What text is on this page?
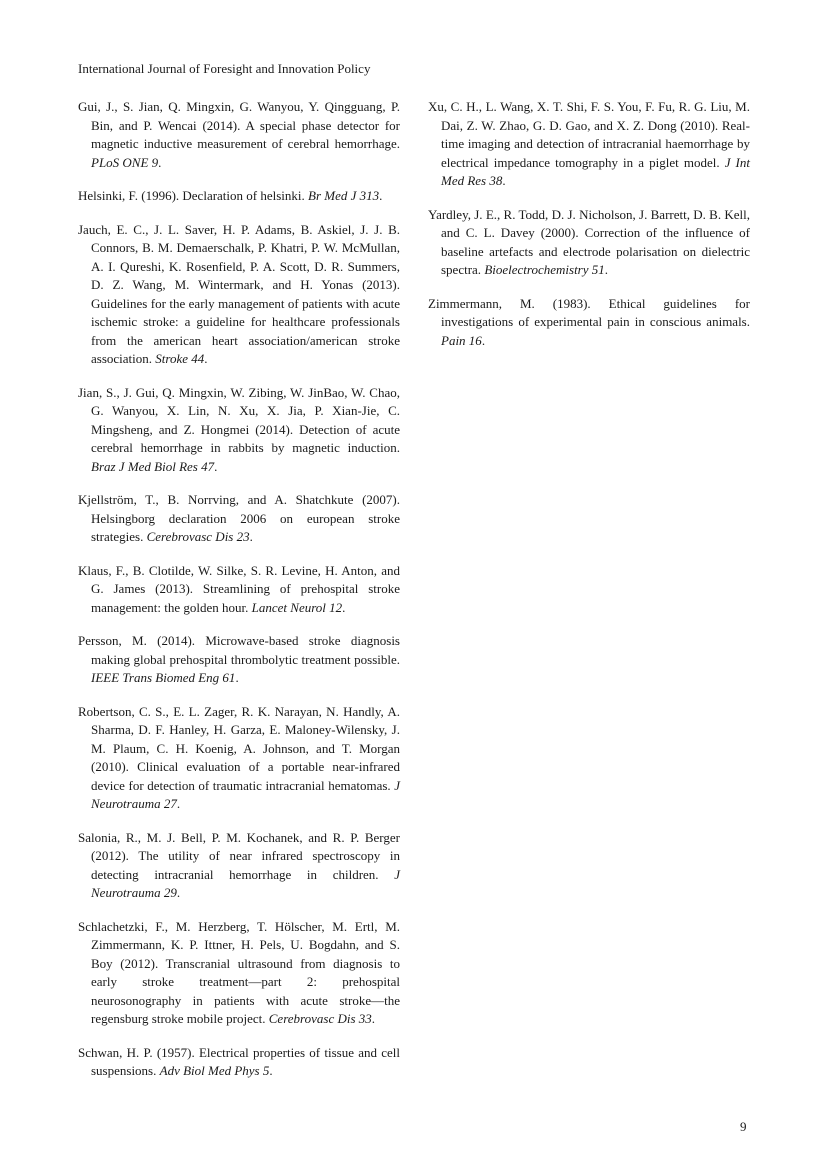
International Journal of Foresight and Innovation Policy

Gui, J., S. Jian, Q. Mingxin, G. Wanyou, Y. Qingguang, P. Bin, and P. Wencai (2014). A special phase detector for magnetic inductive measurement of cerebral hemorrhage. PLoS ONE 9.

Helsinki, F. (1996). Declaration of helsinki. Br Med J 313.

Jauch, E. C., J. L. Saver, H. P. Adams, B. Askiel, J. J. B. Connors, B. M. Demaerschalk, P. Khatri, P. W. McMullan, A. I. Qureshi, K. Rosenfield, P. A. Scott, D. R. Summers, D. Z. Wang, M. Wintermark, and H. Yonas (2013). Guidelines for the early management of patients with acute ischemic stroke: a guideline for healthcare professionals from the american heart association/american stroke association. Stroke 44.

Jian, S., J. Gui, Q. Mingxin, W. Zibing, W. JinBao, W. Chao, G. Wanyou, X. Lin, N. Xu, X. Jia, P. Xian-Jie, C. Mingsheng, and Z. Hongmei (2014). Detection of acute cerebral hemorrhage in rabbits by magnetic induction. Braz J Med Biol Res 47.

Kjellström, T., B. Norrving, and A. Shatchkute (2007). Helsingborg declaration 2006 on european stroke strategies. Cerebrovasc Dis 23.

Klaus, F., B. Clotilde, W. Silke, S. R. Levine, H. Anton, and G. James (2013). Streamlining of prehospital stroke management: the golden hour. Lancet Neurol 12.

Persson, M. (2014). Microwave-based stroke diagnosis making global prehospital thrombolytic treatment possible. IEEE Trans Biomed Eng 61.

Robertson, C. S., E. L. Zager, R. K. Narayan, N. Handly, A. Sharma, D. F. Hanley, H. Garza, E. Maloney-Wilensky, J. M. Plaum, C. H. Koenig, A. Johnson, and T. Morgan (2010). Clinical evaluation of a portable near-infrared device for detection of traumatic intracranial hematomas. J Neurotrauma 27.

Salonia, R., M. J. Bell, P. M. Kochanek, and R. P. Berger (2012). The utility of near infrared spectroscopy in detecting intracranial hemorrhage in children. J Neurotrauma 29.

Schlachetzki, F., M. Herzberg, T. Hölscher, M. Ertl, M. Zimmermann, K. P. Ittner, H. Pels, U. Bogdahn, and S. Boy (2012). Transcranial ultrasound from diagnosis to early stroke treatment—part 2: prehospital neurosonography in patients with acute stroke—the regensburg stroke mobile project. Cerebrovasc Dis 33.

Schwan, H. P. (1957). Electrical properties of tissue and cell suspensions. Adv Biol Med Phys 5.

Xu, C. H., L. Wang, X. T. Shi, F. S. You, F. Fu, R. G. Liu, M. Dai, Z. W. Zhao, G. D. Gao, and X. Z. Dong (2010). Real-time imaging and detection of intracranial haemorrhage by electrical impedance tomography in a piglet model. J Int Med Res 38.

Yardley, J. E., R. Todd, D. J. Nicholson, J. Barrett, D. B. Kell, and C. L. Davey (2000). Correction of the influence of baseline artefacts and electrode polarisation on dielectric spectra. Bioelectrochemistry 51.

Zimmermann, M. (1983). Ethical guidelines for investigations of experimental pain in conscious animals. Pain 16.

9
